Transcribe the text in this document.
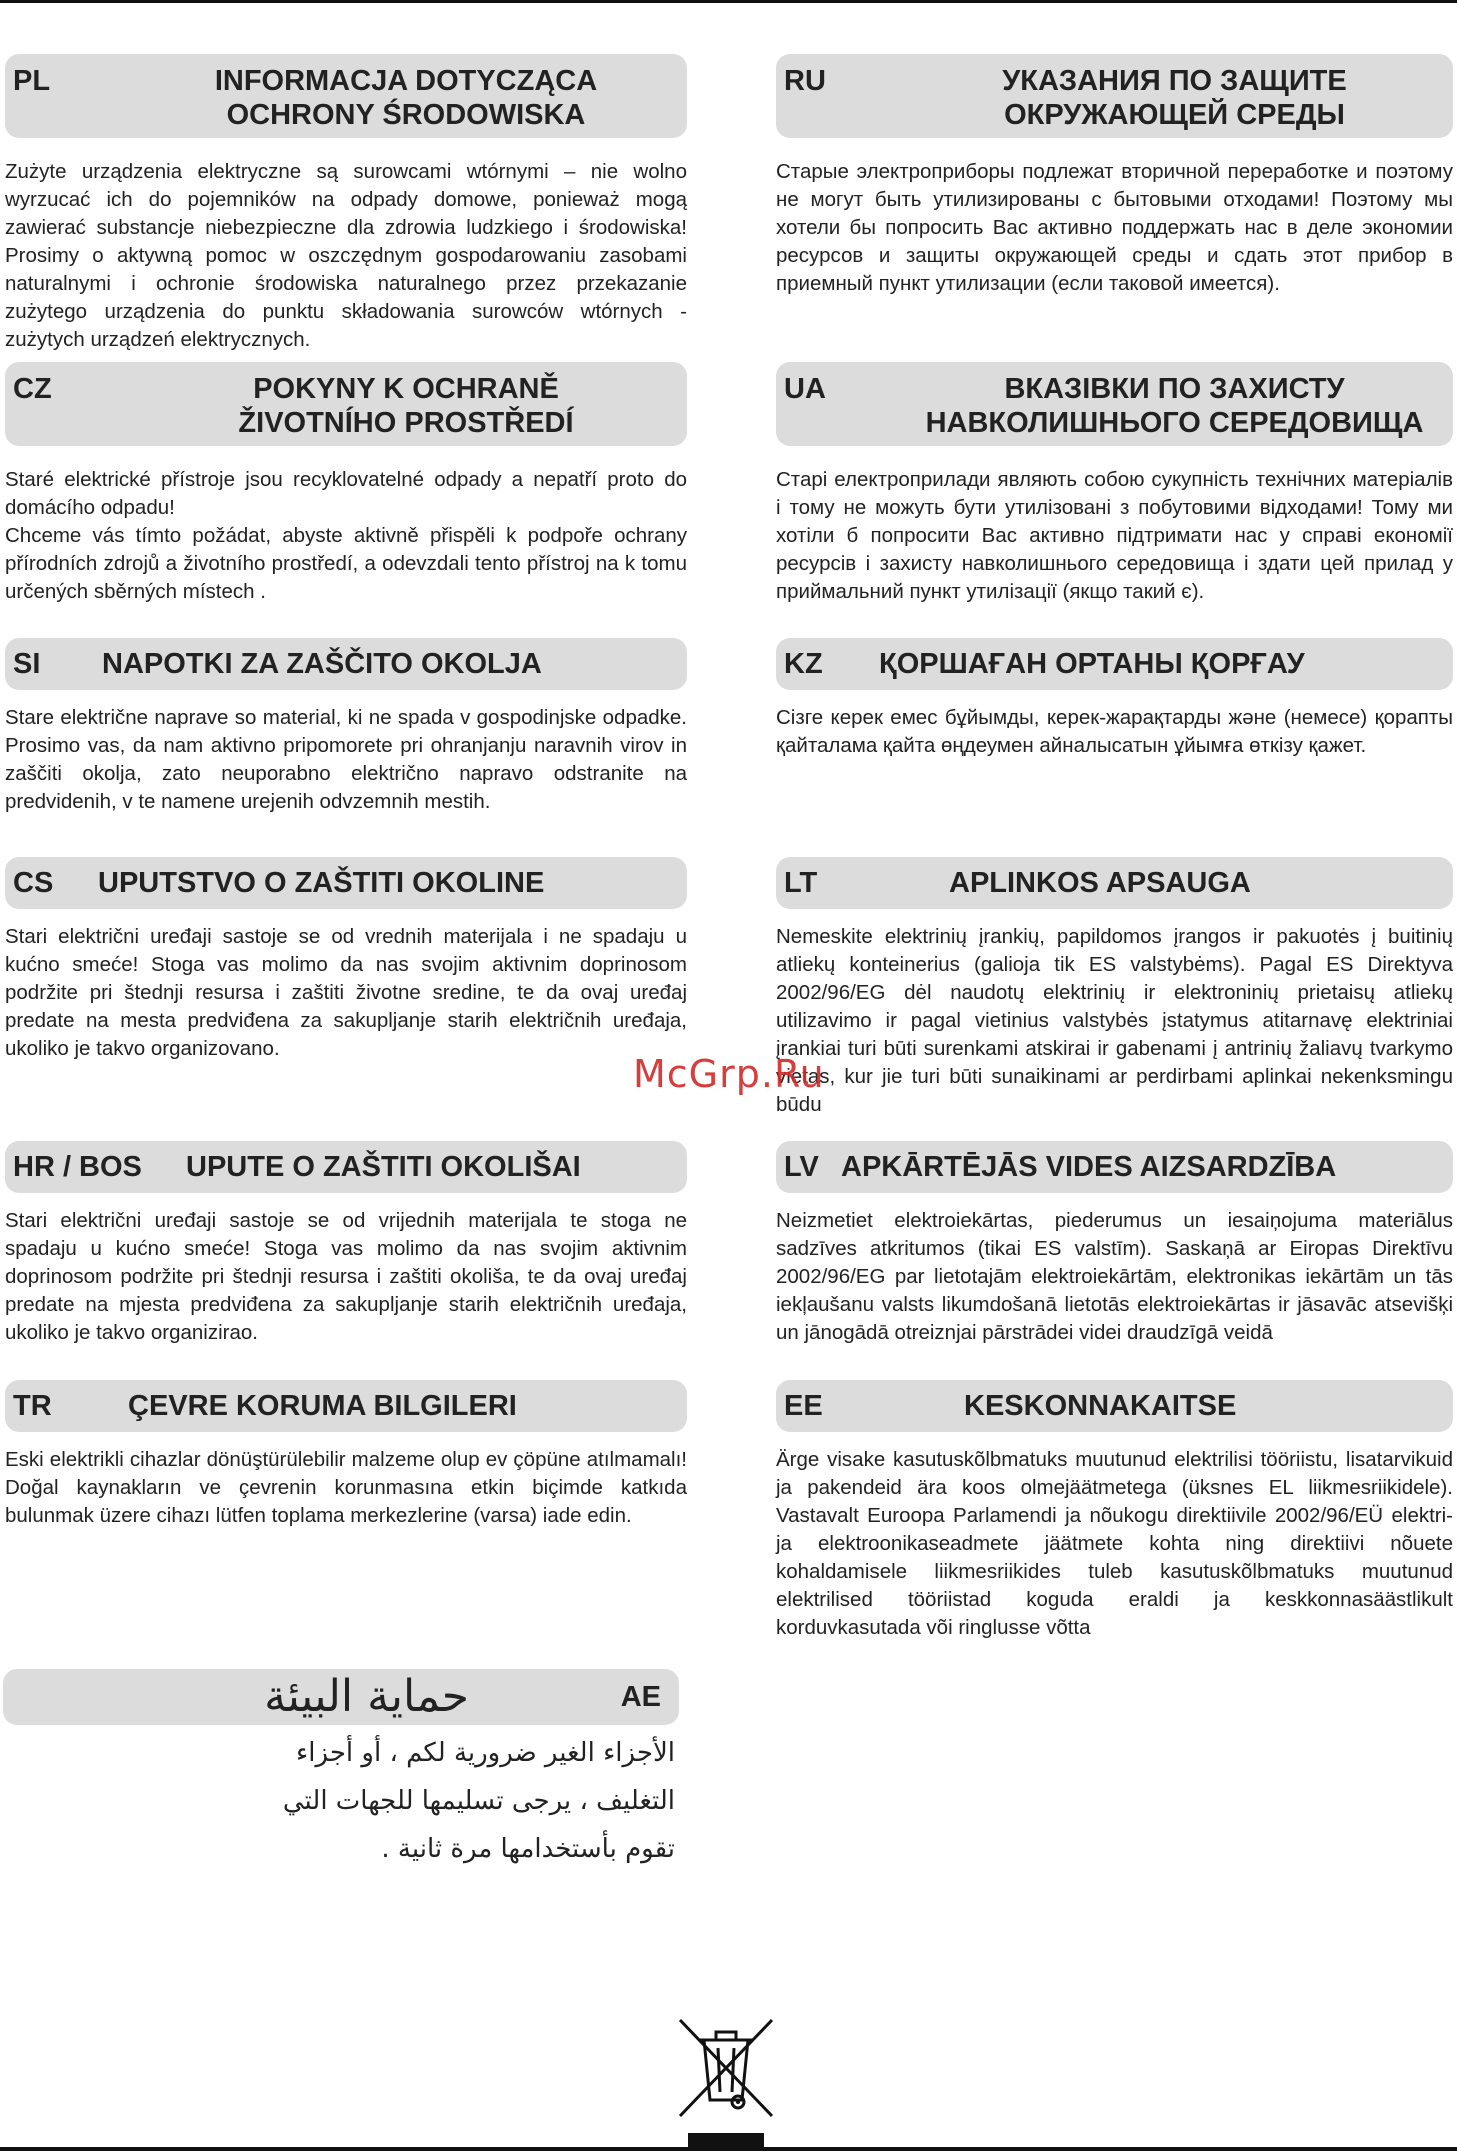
PL	INFORMACJA DOTYCZĄCA
OCHRONY ŚRODOWISKA
Zużyte urządzenia elektryczne są surowcami wtórnymi – nie wolno wyrzucać ich do pojemników na odpady domowe, ponieważ mogą zawierać substancje niebezpieczne dla zdrowia ludzkiego i środowiska! Prosimy o aktywną pomoc w oszczędnym gospodarowaniu zasobami naturalnymi i ochronie środowiska naturalnego przez przekazanie zużytego urządzenia do punktu składowania surowców wtórnych - zużytych urządzeń elektrycznych.
CZ	POKYNY K OCHRANĚ
ŽIVOTNÍHO PROSTŘEDÍ
Staré elektrické přístroje jsou recyklovatelné odpady a nepatří proto do domácího odpadu!
Chceme vás tímto požádat, abyste aktivně přispěli k podpoře ochrany přírodních zdrojů a životního prostředí, a odevzdali tento přístroj na k tomu určených sběrných místech .
SI NAPOTKI ZA ZAŠČITO OKOLJA
Stare električne naprave so material, ki ne spada v gospodinjske odpadke. Prosimo vas, da nam aktivno pripomorete pri ohranjanju naravnih virov in zaščiti okolja, zato neuporabno električno napravo odstranite na predvidenih, v te namene urejenih odvzemnih mestih.
CS UPUTSTVO O ZAŠTITI OKOLINE
Stari električni uređaji sastoje se od vrednih materijala i ne spadaju u kućno smeće! Stoga vas molimo da nas svojim aktivnim doprinosom podržite pri štednji resursa i zaštiti životne sredine, te da ovaj uređaj predate na mesta predviđena za sakupljanje starih električnih uređaja, ukoliko je takvo organizovano.
HR / BOS UPUTE O ZAŠTITI OKOLIŠAI
Stari električni uređaji sastoje se od vrijednih materijala te stoga ne spadaju u kućno smeće! Stoga vas molimo da nas svojim aktivnim doprinosom podržite pri štednji resursa i zaštiti okoliša, te da ovaj uređaj predate na mjesta predviđena za sakupljanje starih električnih uređaja, ukoliko je takvo organizirao.
TR	ÇEVRE KORUMA BILGILERI
Eski elektrikli cihazlar dönüştürülebilir malzeme olup ev çöpüne atılmamalı! Doğal kaynakların ve çevrenin korunmasına etkin biçimde katkıda bulunmak üzere cihazı lütfen toplama merkezlerine (varsa) iade edin.
AE
حماية البيئة
الأجزاء الغير ضرورية لكم ، أو أجزاء
التغليف ، يرجى تسليمها للجهات التي
تقوم بأستخدامها مرة ثانية .
RU	УКАЗАНИЯ ПО ЗАЩИТЕ
ОКРУЖАЮЩЕЙ СРЕДЫ
Старые электроприборы подлежат вторичной переработке и поэтому не могут быть утилизированы с бытовыми отходами! Поэтому мы хотели бы попросить Вас активно поддержать нас в деле экономии ресурсов и защиты окружающей среды и сдать этот прибор в приемный пункт утилизации (если таковой имеется).
UA	ВКАЗІВКИ ПО ЗАХИСТУ
НАВКОЛИШНЬОГО СЕРЕДОВИЩА
Старі електроприлади являють собою сукупність технічних матеріалів і тому не можуть бути утилізовані з побутовими відходами! Тому ми хотіли б попросити Вас активно підтримати нас у справі економії ресурсів і захисту навколишнього середовища і здати цей прилад у приймальний пункт утилізації (якщо такий є).
KZ ҚОРШАҒАН ОРТАНЫ ҚОРҒАУ
Сізге керек емес бұйымды, керек-жарақтарды және (немесе) қорапты қайталама қайта өңдеумен айналысатын ұйымға өткізу қажет.
LT	APLINKOS APSAUGA
Nemeskite elektrinių įrankių, papildomos įrangos ir pakuotės į buitinių atliekų konteinerius (galioja tik ES valstybėms). Pagal ES Direktyva 2002/96/EG dėl naudotų elektrinių ir elektroninių prietaisų atliekų utilizavimo ir pagal vietinius valstybės įstatymus atitarnavę elektriniai įrankiai turi būti surenkami atskirai ir gabenami į antrinių žaliavų tvarkymo vietas, kur jie turi būti sunaikinami ar perdirbami aplinkai nekenksmingu būdu
LV APKĀRTĒJĀS VIDES AIZSARDZĪBA
Neizmetiet elektroiekārtas, piederumus un iesaiņojuma materiālus sadzīves atkritumos (tikai ES valstīm). Saskaņā ar Eiropas Direktīvu 2002/96/EG par lietotajām elektroiekārtām, elektronikas iekārtām un tās iekļaušanu valsts likumdošanā lietotās elektroiekārtas ir jāsavāc atsevišķi un jānogādā otreiznjai pārstrādei videi draudzīgā veidā
EE	KESKONNAKAITSE
Ärge visake kasutuskõlbmatuks muutunud elektrilisi tööriistu, lisatarvikuid ja pakendeid ära koos olmejäätmetega (üksnes EL liikmesriikidele). Vastavalt Euroopa Parlamendi ja nõukogu direktiivile 2002/96/EÜ elektri- ja elektroonikaseadmete jäätmete kohta ning direktiivi nõuete kohaldamisele liikmesriikides tuleb kasutuskõlbmatuks muutunud elektrilised tööriistad koguda eraldi ja keskkonnasäästlikult korduvkasutada või ringlusse võtta
McGrp.Ru
